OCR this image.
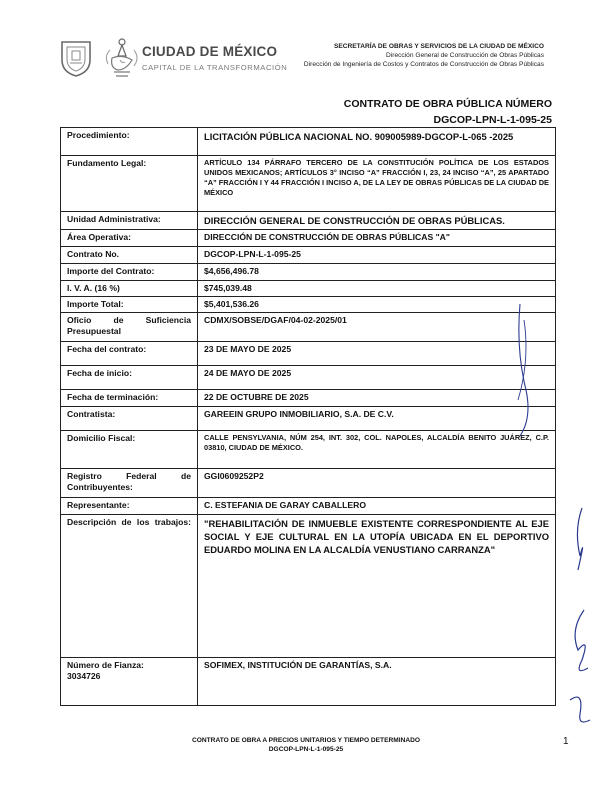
CIUDAD DE MÉXICO
CAPITAL DE LA TRANSFORMACIÓN
SECRETARÍA DE OBRAS Y SERVICIOS DE LA CIUDAD DE MÉXICO
Dirección General de Construcción de Obras Públicas
Dirección de Ingeniería de Costos y Contratos de Construcción de Obras Públicas
CONTRATO DE OBRA PÚBLICA NÚMERO
DGCOP-LPN-L-1-095-25
Procedimiento:	LICITACIÓN PÚBLICA NACIONAL NO. 909005989-DGCOP-L-065 -2025
Fundamento Legal:	ARTÍCULO 134 PÁRRAFO TERCERO DE LA CONSTITUCIÓN POLÍTICA DE LOS ESTADOS UNIDOS MEXICANOS; ARTÍCULOS 3° INCISO “A” FRACCIÓN I, 23, 24 INCISO “A”, 25 APARTADO “A” FRACCIÓN I Y 44 FRACCIÓN I INCISO A, DE LA LEY DE OBRAS PÚBLICAS DE LA CIUDAD DE MÉXICO
Unidad Administrativa:	DIRECCIÓN GENERAL DE CONSTRUCCIÓN DE OBRAS PÚBLICAS.
Área Operativa:	DIRECCIÓN DE CONSTRUCCIÓN DE OBRAS PÚBLICAS "A"
Contrato No.	DGCOP-LPN-L-1-095-25
Importe del Contrato:	$4,656,496.78
I. V. A. (16 %)	$745,039.48
Importe Total:	$5,401,536.26
Oficio de Suficiencia Presupuestal	CDMX/SOBSE/DGAF/04-02-2025/01
Fecha del contrato:	23 DE MAYO DE 2025
Fecha de inicio:	24 DE MAYO DE 2025
Fecha de terminación:	22 DE OCTUBRE DE 2025
Contratista:	GAREEIN GRUPO INMOBILIARIO, S.A. DE C.V.
Domicilio Fiscal:	CALLE PENSYLVANIA, NÚM 254, INT. 302, COL. NAPOLES, ALCALDÍA BENITO JUÁREZ, C.P. 03810, CIUDAD DE MÉXICO.
Registro Federal de Contribuyentes:	GGI0609252P2
Representante:	C. ESTEFANIA DE GARAY CABALLERO
Descripción de los trabajos:	"REHABILITACIÓN DE INMUEBLE EXISTENTE CORRESPONDIENTE AL EJE SOCIAL Y EJE CULTURAL EN LA UTOPÍA UBICADA EN EL DEPORTIVO EDUARDO MOLINA EN LA ALCALDÍA VENUSTIANO CARRANZA"

Número de Fianza:
3034726	SOFIMEX, INSTITUCIÓN DE GARANTÍAS, S.A.
CONTRATO DE OBRA A PRECIOS UNITARIOS Y TIEMPO DETERMINADO
DGCOP-LPN-L-1-095-25
1
